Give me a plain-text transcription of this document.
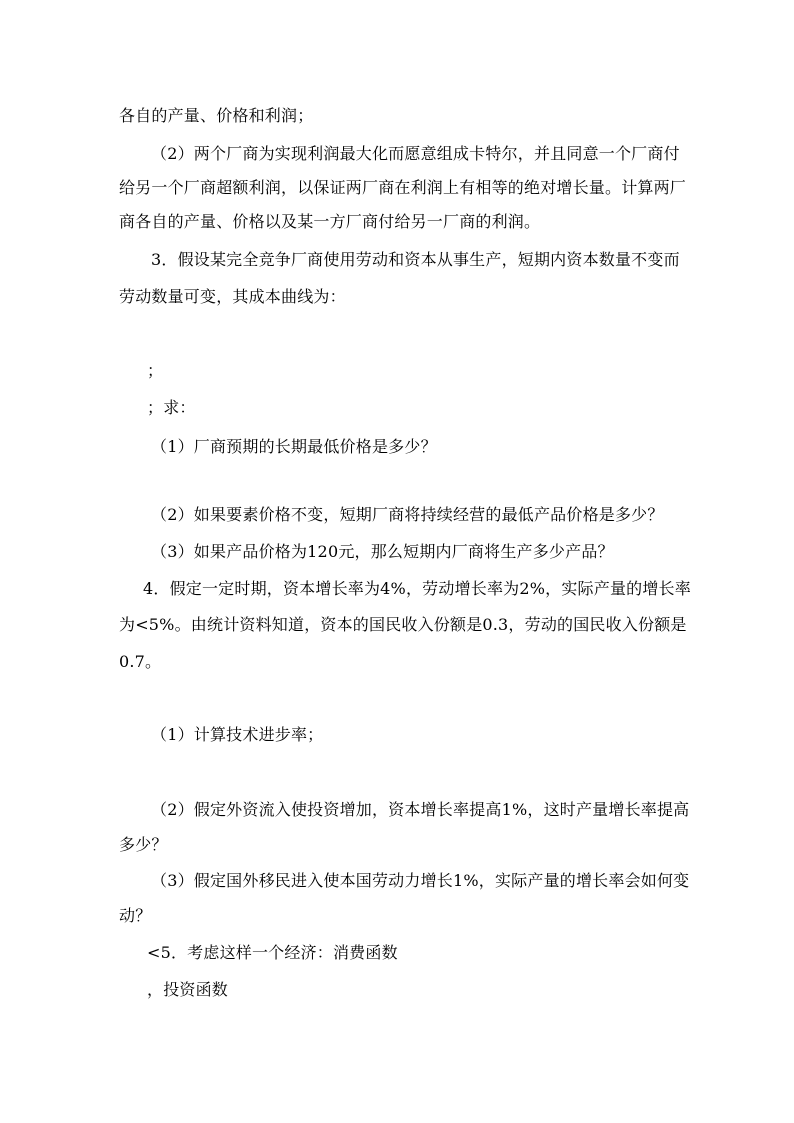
各自的产量、价格和利润；
（2）两个厂商为实现利润最大化而愿意组成卡特尔，并且同意一个厂商付
给另一个厂商超额利润，以保证两厂商在利润上有相等的绝对增长量。计算两厂
商各自的产量、价格以及某一方厂商付给另一厂商的利润。
3．假设某完全竞争厂商使用劳动和资本从事生产，短期内资本数量不变而
劳动数量可变，其成本曲线为：
；
；求：
（1）厂商预期的长期最低价格是多少？
（2）如果要素价格不变，短期厂商将持续经营的最低产品价格是多少？
（3）如果产品价格为120元，那么短期内厂商将生产多少产品？
4．假定一定时期，资本增长率为4%，劳动增长率为2%，实际产量的增长率
为<5%。由统计资料知道，资本的国民收入份额是0.3，劳动的国民收入份额是
0.7。
（1）计算技术进步率；
（2）假定外资流入使投资增加，资本增长率提高1%，这时产量增长率提高
多少？
（3）假定国外移民进入使本国劳动力增长1%，实际产量的增长率会如何变
动？
<5．考虑这样一个经济：消费函数
，投资函数
